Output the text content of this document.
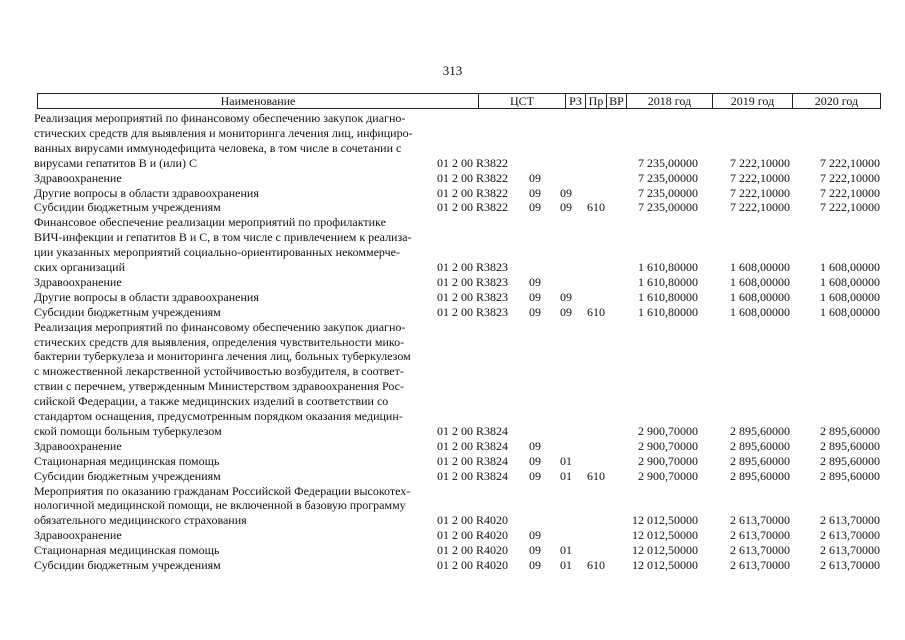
313
Наименование	ЦСТ	РЗ Пр ВР	2018 год	2019 год	2020 год
Реализация мероприятий по финансовому обеспечению закупок диагно-
стических средств для выявления и мониторинга лечения лиц, инфициро-
ванных вирусами иммунодефицита человека, в том числе в сочетании с
вирусами гепатитов В и (или) С	01 2 00 R3822	7 235,00000	7 222,10000	7 222,10000
Здравоохранение	01 2 00 R3822 09	7 235,00000	7 222,10000	7 222,10000
Другие вопросы в области здравоохранения	01 2 00 R3822 09 09	7 235,00000	7 222,10000	7 222,10000
Субсидии бюджетным учреждениям	01 2 00 R3822 09 09 610	7 235,00000	7 222,10000	7 222,10000
Финансовое обеспечение реализации мероприятий по профилактике
ВИЧ-инфекции и гепатитов В и С, в том числе с привлечением к реализа-
ции указанных мероприятий социально-ориентированных некоммерче-
ских организаций	01 2 00 R3823	1 610,80000	1 608,00000	1 608,00000
Здравоохранение	01 2 00 R3823 09	1 610,80000	1 608,00000	1 608,00000
Другие вопросы в области здравоохранения	01 2 00 R3823 09 09	1 610,80000	1 608,00000	1 608,00000
Субсидии бюджетным учреждениям	01 2 00 R3823 09 09 610	1 610,80000	1 608,00000	1 608,00000
Реализация мероприятий по финансовому обеспечению закупок диагно-
стических средств для выявления, определения чувствительности мико-
бактерии туберкулеза и мониторинга лечения лиц, больных туберкулезом
с множественной лекарственной устойчивостью возбудителя, в соответ-
ствии с перечнем, утвержденным Министерством здравоохранения Рос-
сийской Федерации, а также медицинских изделий в соответствии со
стандартом оснащения, предусмотренным порядком оказания медицин-
ской помощи больным туберкулезом	01 2 00 R3824	2 900,70000	2 895,60000	2 895,60000
Здравоохранение	01 2 00 R3824 09	2 900,70000	2 895,60000	2 895,60000
Стационарная медицинская помощь	01 2 00 R3824 09 01	2 900,70000	2 895,60000	2 895,60000
Субсидии бюджетным учреждениям	01 2 00 R3824 09 01 610	2 900,70000	2 895,60000	2 895,60000
Мероприятия по оказанию гражданам Российской Федерации высокотех-
нологичной медицинской помощи, не включенной в базовую программу
обязательного медицинского страхования	01 2 00 R4020	12 012,50000	2 613,70000	2 613,70000
Здравоохранение	01 2 00 R4020 09	12 012,50000	2 613,70000	2 613,70000
Стационарная медицинская помощь	01 2 00 R4020 09 01	12 012,50000	2 613,70000	2 613,70000
Субсидии бюджетным учреждениям	01 2 00 R4020 09 01 610	12 012,50000	2 613,70000	2 613,70000
